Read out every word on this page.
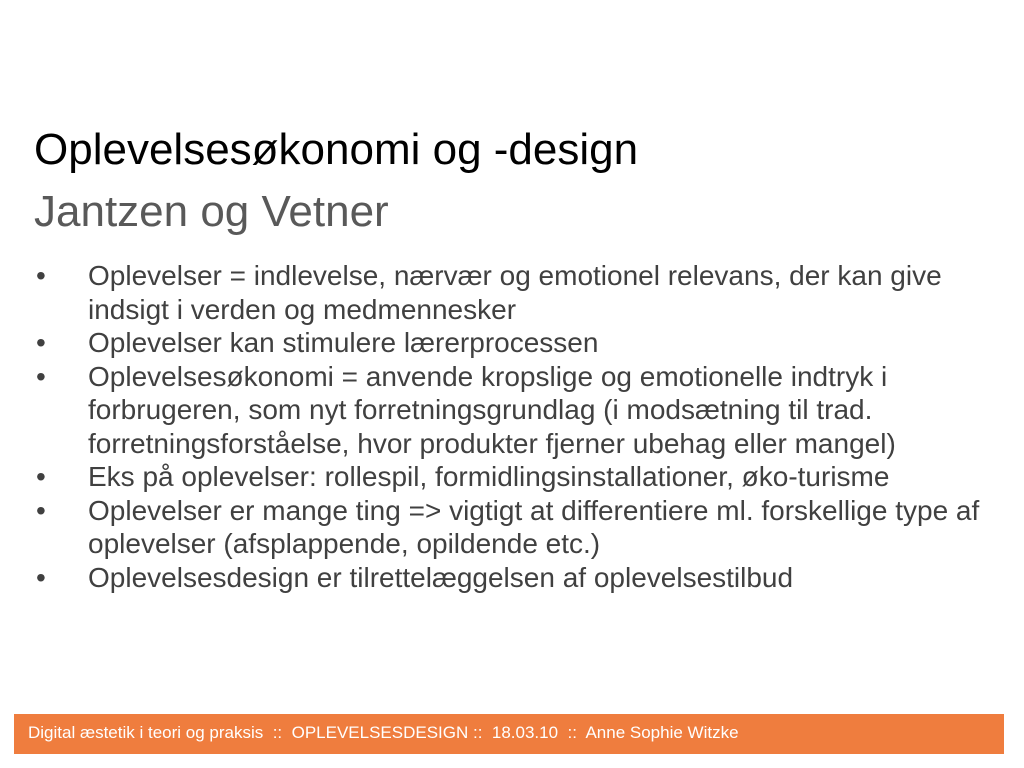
Oplevelsesøkonomi og -design
Jantzen og Vetner
• Oplevelser = indlevelse, nærvær og emotionel relevans, der kan give indsigt i verden og medmennesker
• Oplevelser kan stimulere lærerprocessen
• Oplevelsesøkonomi = anvende kropslige og emotionelle indtryk i forbrugeren, som nyt forretningsgrundlag (i modsætning til trad. forretningsforståelse, hvor produkter fjerner ubehag eller mangel)
• Eks på oplevelser: rollespil, formidlingsinstallationer, øko-turisme
• Oplevelser er mange ting => vigtigt at differentiere ml. forskellige type af oplevelser (afsplappende, opildende etc.)
• Oplevelsesdesign er tilrettelæggelsen af oplevelsestilbud
Digital æstetik i teori og praksis  ::  OPLEVELSESDESIGN ::  18.03.10  ::  Anne Sophie Witzke
